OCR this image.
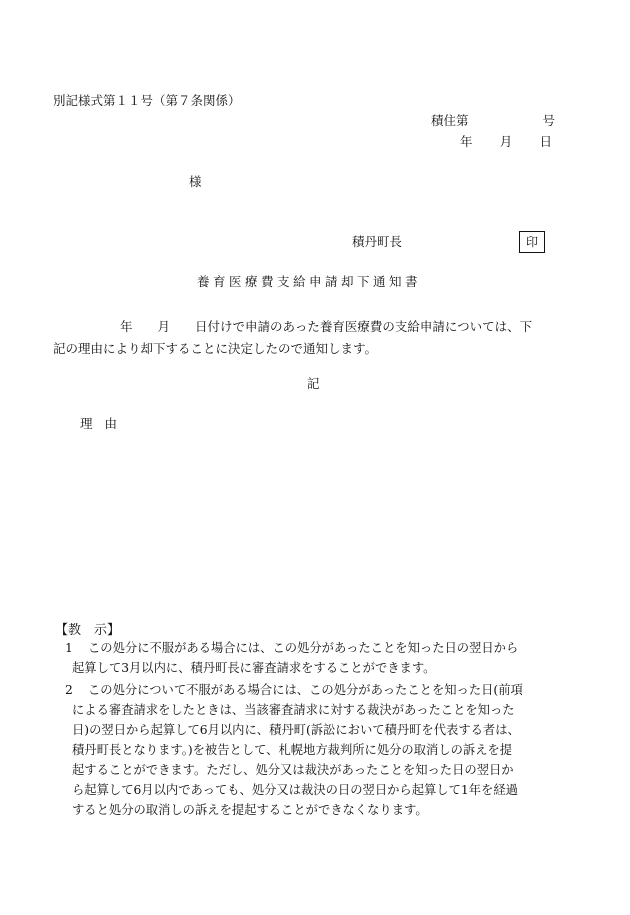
別記様式第１１号（第７条関係）
積住第	号
年 月 日
様
積丹町長	印
養育医療費支給申請却下通知書
年　　月　　日付けで申請のあった養育医療費の支給申請については、下
記の理由により却下することに決定したので通知します。
記
理由
【教　示】
1 この処分に不服がある場合には、この処分があったことを知った日の翌日から
起算して3月以内に、積丹町長に審査請求をすることができます。
2 この処分について不服がある場合には、この処分があったことを知った日(前項
による審査請求をしたときは、当該審査請求に対する裁決があったことを知った
日)の翌日から起算して6月以内に、積丹町(訴訟において積丹町を代表する者は、
積丹町長となります。)を被告として、札幌地方裁判所に処分の取消しの訴えを提
起することができます。ただし、処分又は裁決があったことを知った日の翌日か
ら起算して6月以内であっても、処分又は裁決の日の翌日から起算して1年を経過
すると処分の取消しの訴えを提起することができなくなります。
